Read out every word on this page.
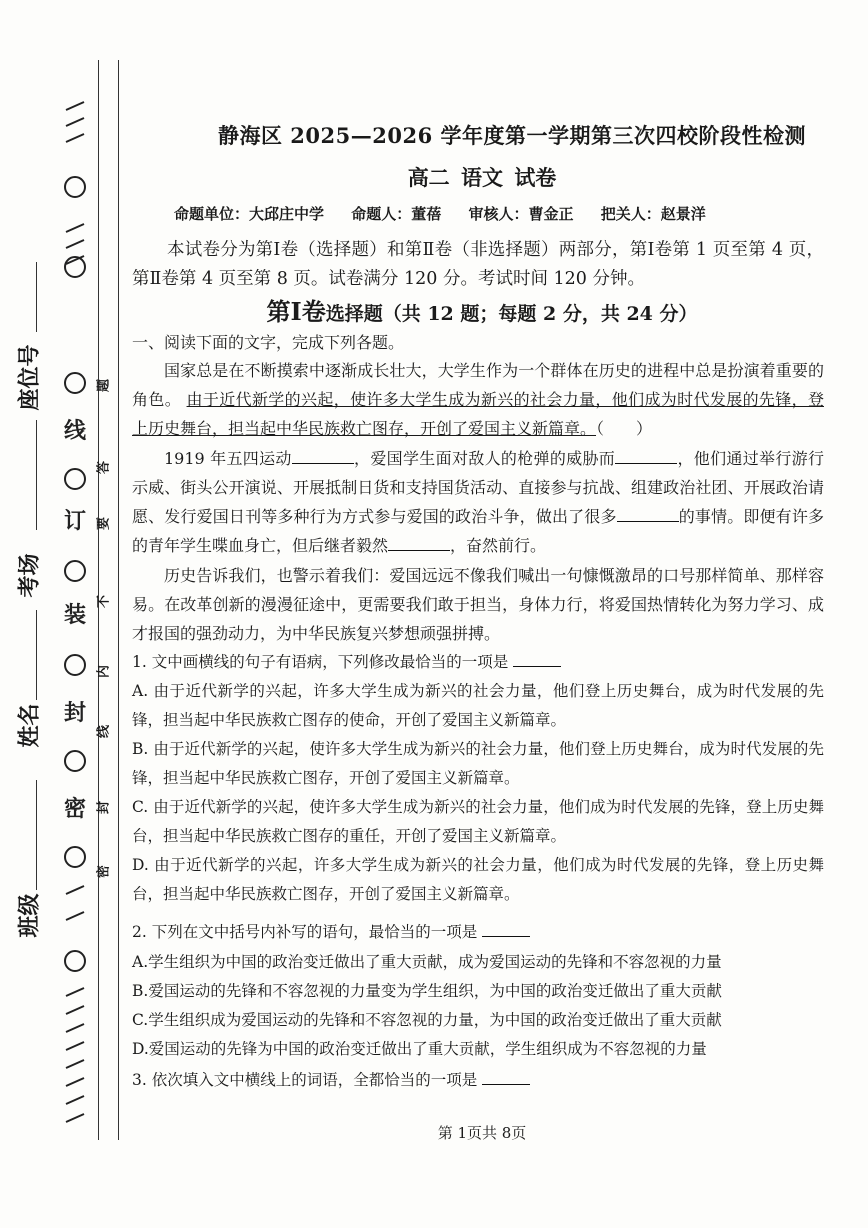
线
订
装
封
密
题
答
要
不
内
线
封
密
座位号
考场
姓名
班级
静海区 2025—2026 学年度第一学期第三次四校阶段性检测
高二 语文 试卷
命题单位：大邱庄中学 命题人：董蓓 审核人：曹金正 把关人：赵景洋
本试卷分为第Ⅰ卷（选择题）和第Ⅱ卷（非选择题）两部分，第Ⅰ卷第 1 页至第 4 页，第Ⅱ卷第 4 页至第 8 页。试卷满分 120 分。考试时间 120 分钟。
第Ⅰ卷选择题（共 12 题；每题 2 分，共 24 分）
一、阅读下面的文字，完成下列各题。
国家总是在不断摸索中逐渐成长壮大，大学生作为一个群体在历史的进程中总是扮演着重要的角色。 由于近代新学的兴起，使许多大学生成为新兴的社会力量，他们成为时代发展的先锋，登上历史舞台，担当起中华民族救亡图存，开创了爱国主义新篇章。（　　）
1919 年五四运动	，爱国学生面对敌人的枪弹的威胁而	，他们通过举行游行示威、街头公开演说、开展抵制日货和支持国货活动、直接参与抗战、组建政治社团、开展政治请愿、发行爱国日刊等多种行为方式参与爱国的政治斗争，做出了很多	的事情。即便有许多的青年学生喋血身亡，但后继者毅然	，奋然前行。
历史告诉我们，也警示着我们：爱国远远不像我们喊出一句慷慨激昂的口号那样简单、那样容易。在改革创新的漫漫征途中，更需要我们敢于担当，身体力行，将爱国热情转化为努力学习、成才报国的强劲动力，为中华民族复兴梦想顽强拼搏。
1. 文中画横线的句子有语病，下列修改最恰当的一项是
A. 由于近代新学的兴起，许多大学生成为新兴的社会力量，他们登上历史舞台，成为时代发展的先锋，担当起中华民族救亡图存的使命，开创了爱国主义新篇章。
B. 由于近代新学的兴起，使许多大学生成为新兴的社会力量，他们登上历史舞台，成为时代发展的先锋，担当起中华民族救亡图存，开创了爱国主义新篇章。
C. 由于近代新学的兴起，使许多大学生成为新兴的社会力量，他们成为时代发展的先锋，登上历史舞台，担当起中华民族救亡图存的重任，开创了爱国主义新篇章。
D. 由于近代新学的兴起，许多大学生成为新兴的社会力量，他们成为时代发展的先锋，登上历史舞台，担当起中华民族救亡图存，开创了爱国主义新篇章。
2. 下列在文中括号内补写的语句，最恰当的一项是
A.学生组织为中国的政治变迁做出了重大贡献，成为爱国运动的先锋和不容忽视的力量
B.爱国运动的先锋和不容忽视的力量变为学生组织，为中国的政治变迁做出了重大贡献
C.学生组织成为爱国运动的先锋和不容忽视的力量，为中国的政治变迁做出了重大贡献
D.爱国运动的先锋为中国的政治变迁做出了重大贡献，学生组织成为不容忽视的力量
3. 依次填入文中横线上的词语，全都恰当的一项是
第 1页共 8页
